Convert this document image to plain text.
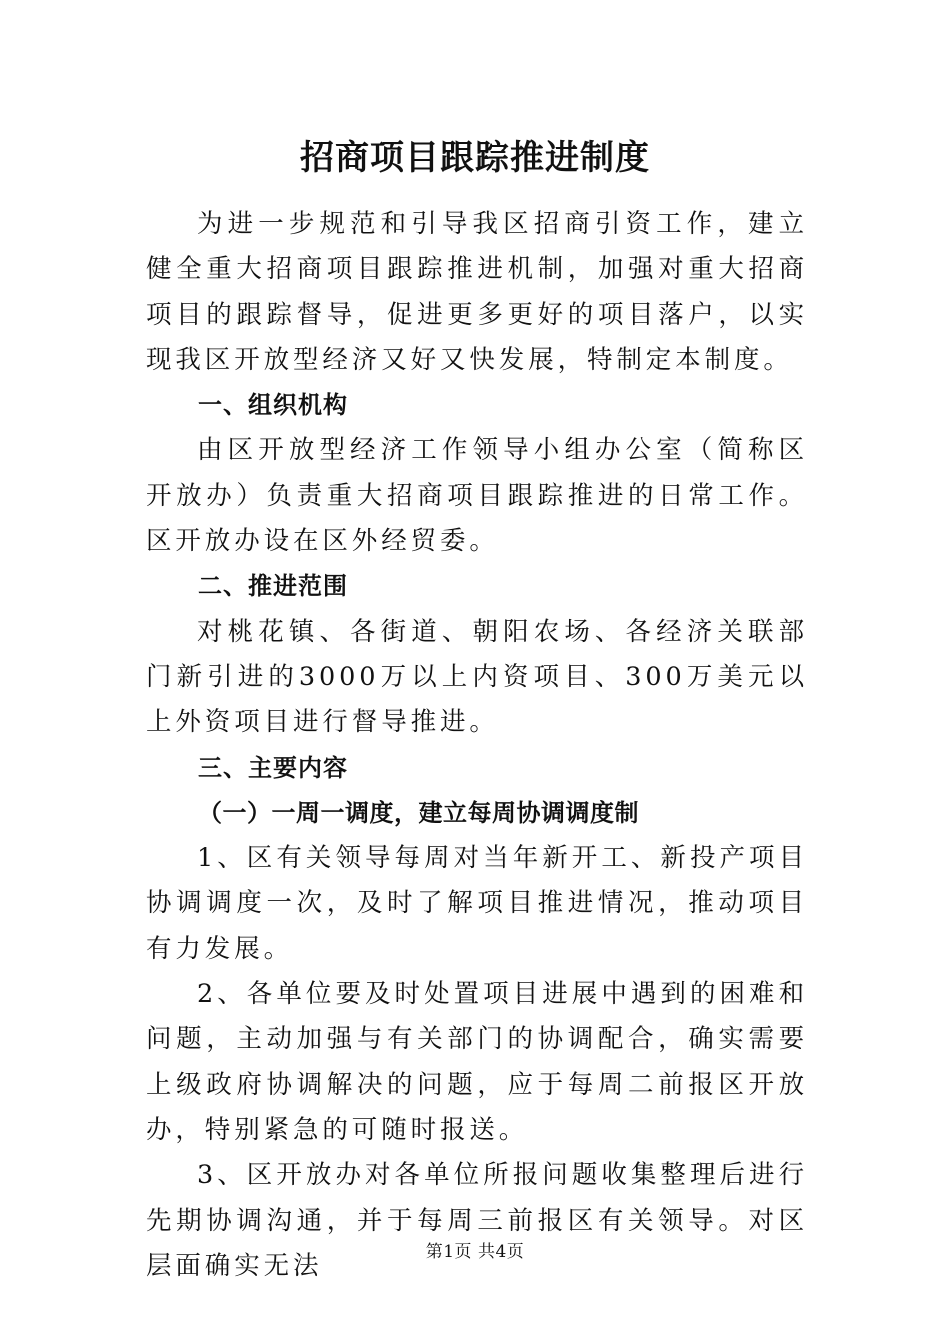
招商项目跟踪推进制度

为进一步规范和引导我区招商引资工作，建立健全重大招商项目跟踪推进机制，加强对重大招商项目的跟踪督导，促进更多更好的项目落户，以实现我区开放型经济又好又快发展，特制定本制度。

一、组织机构

由区开放型经济工作领导小组办公室（简称区开放办）负责重大招商项目跟踪推进的日常工作。区开放办设在区外经贸委。

二、推进范围

对桃花镇、各街道、朝阳农场、各经济关联部门新引进的3000万以上内资项目、300万美元以上外资项目进行督导推进。

三、主要内容

（一）一周一调度，建立每周协调调度制

1、区有关领导每周对当年新开工、新投产项目协调调度一次，及时了解项目推进情况，推动项目有力发展。

2、各单位要及时处置项目进展中遇到的困难和问题，主动加强与有关部门的协调配合，确实需要上级政府协调解决的问题，应于每周二前报区开放办，特别紧急的可随时报送。

3、区开放办对各单位所报问题收集整理后进行先期协调沟通，并于每周三前报区有关领导。对区层面确实无法	第1页 共4页
